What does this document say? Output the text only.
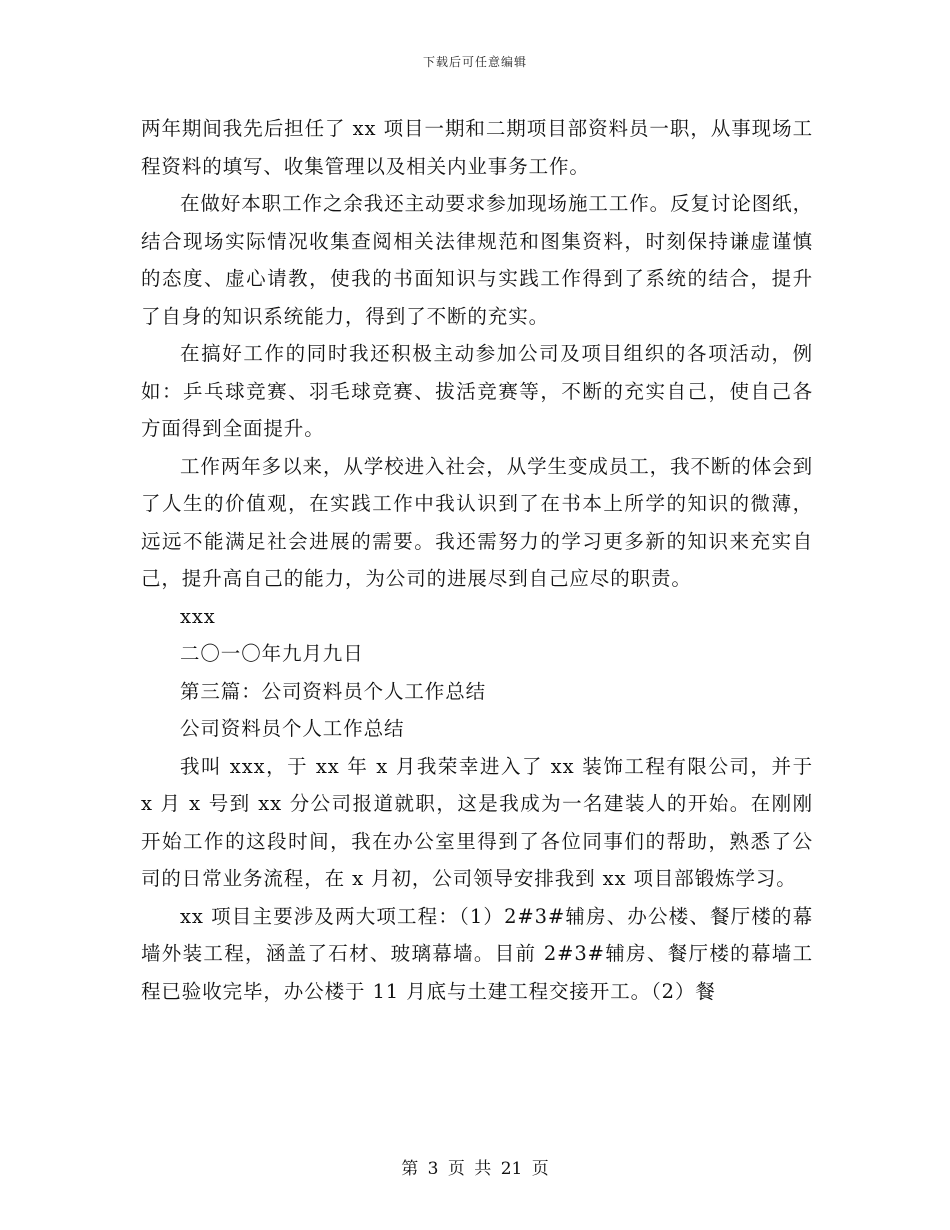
下载后可任意编辑

两年期间我先后担任了 xx 项目一期和二期项目部资料员一职，从事现场工程资料的填写、收集管理以及相关内业事务工作。

在做好本职工作之余我还主动要求参加现场施工工作。反复讨论图纸，结合现场实际情况收集查阅相关法律规范和图集资料，时刻保持谦虚谨慎的态度、虚心请教，使我的书面知识与实践工作得到了系统的结合，提升了自身的知识系统能力，得到了不断的充实。

在搞好工作的同时我还积极主动参加公司及项目组织的各项活动，例如：乒乓球竞赛、羽毛球竞赛、拔活竞赛等，不断的充实自己，使自己各方面得到全面提升。

工作两年多以来，从学校进入社会，从学生变成员工，我不断的体会到了人生的价值观，在实践工作中我认识到了在书本上所学的知识的微薄，远远不能满足社会进展的需要。我还需努力的学习更多新的知识来充实自己，提升高自己的能力，为公司的进展尽到自己应尽的职责。

xxx

二〇一〇年九月九日

第三篇：公司资料员个人工作总结

公司资料员个人工作总结

我叫 xxx，于 xx 年 x 月我荣幸进入了 xx 装饰工程有限公司，并于 x 月 x 号到 xx 分公司报道就职，这是我成为一名建装人的开始。在刚刚开始工作的这段时间，我在办公室里得到了各位同事们的帮助，熟悉了公司的日常业务流程，在 x 月初，公司领导安排我到 xx 项目部锻炼学习。

xx 项目主要涉及两大项工程：（1）2#3#辅房、办公楼、餐厅楼的幕墙外装工程，涵盖了石材、玻璃幕墙。目前 2#3#辅房、餐厅楼的幕墙工程已验收完毕，办公楼于 11 月底与土建工程交接开工。（2）餐

第 3 页 共 21 页
